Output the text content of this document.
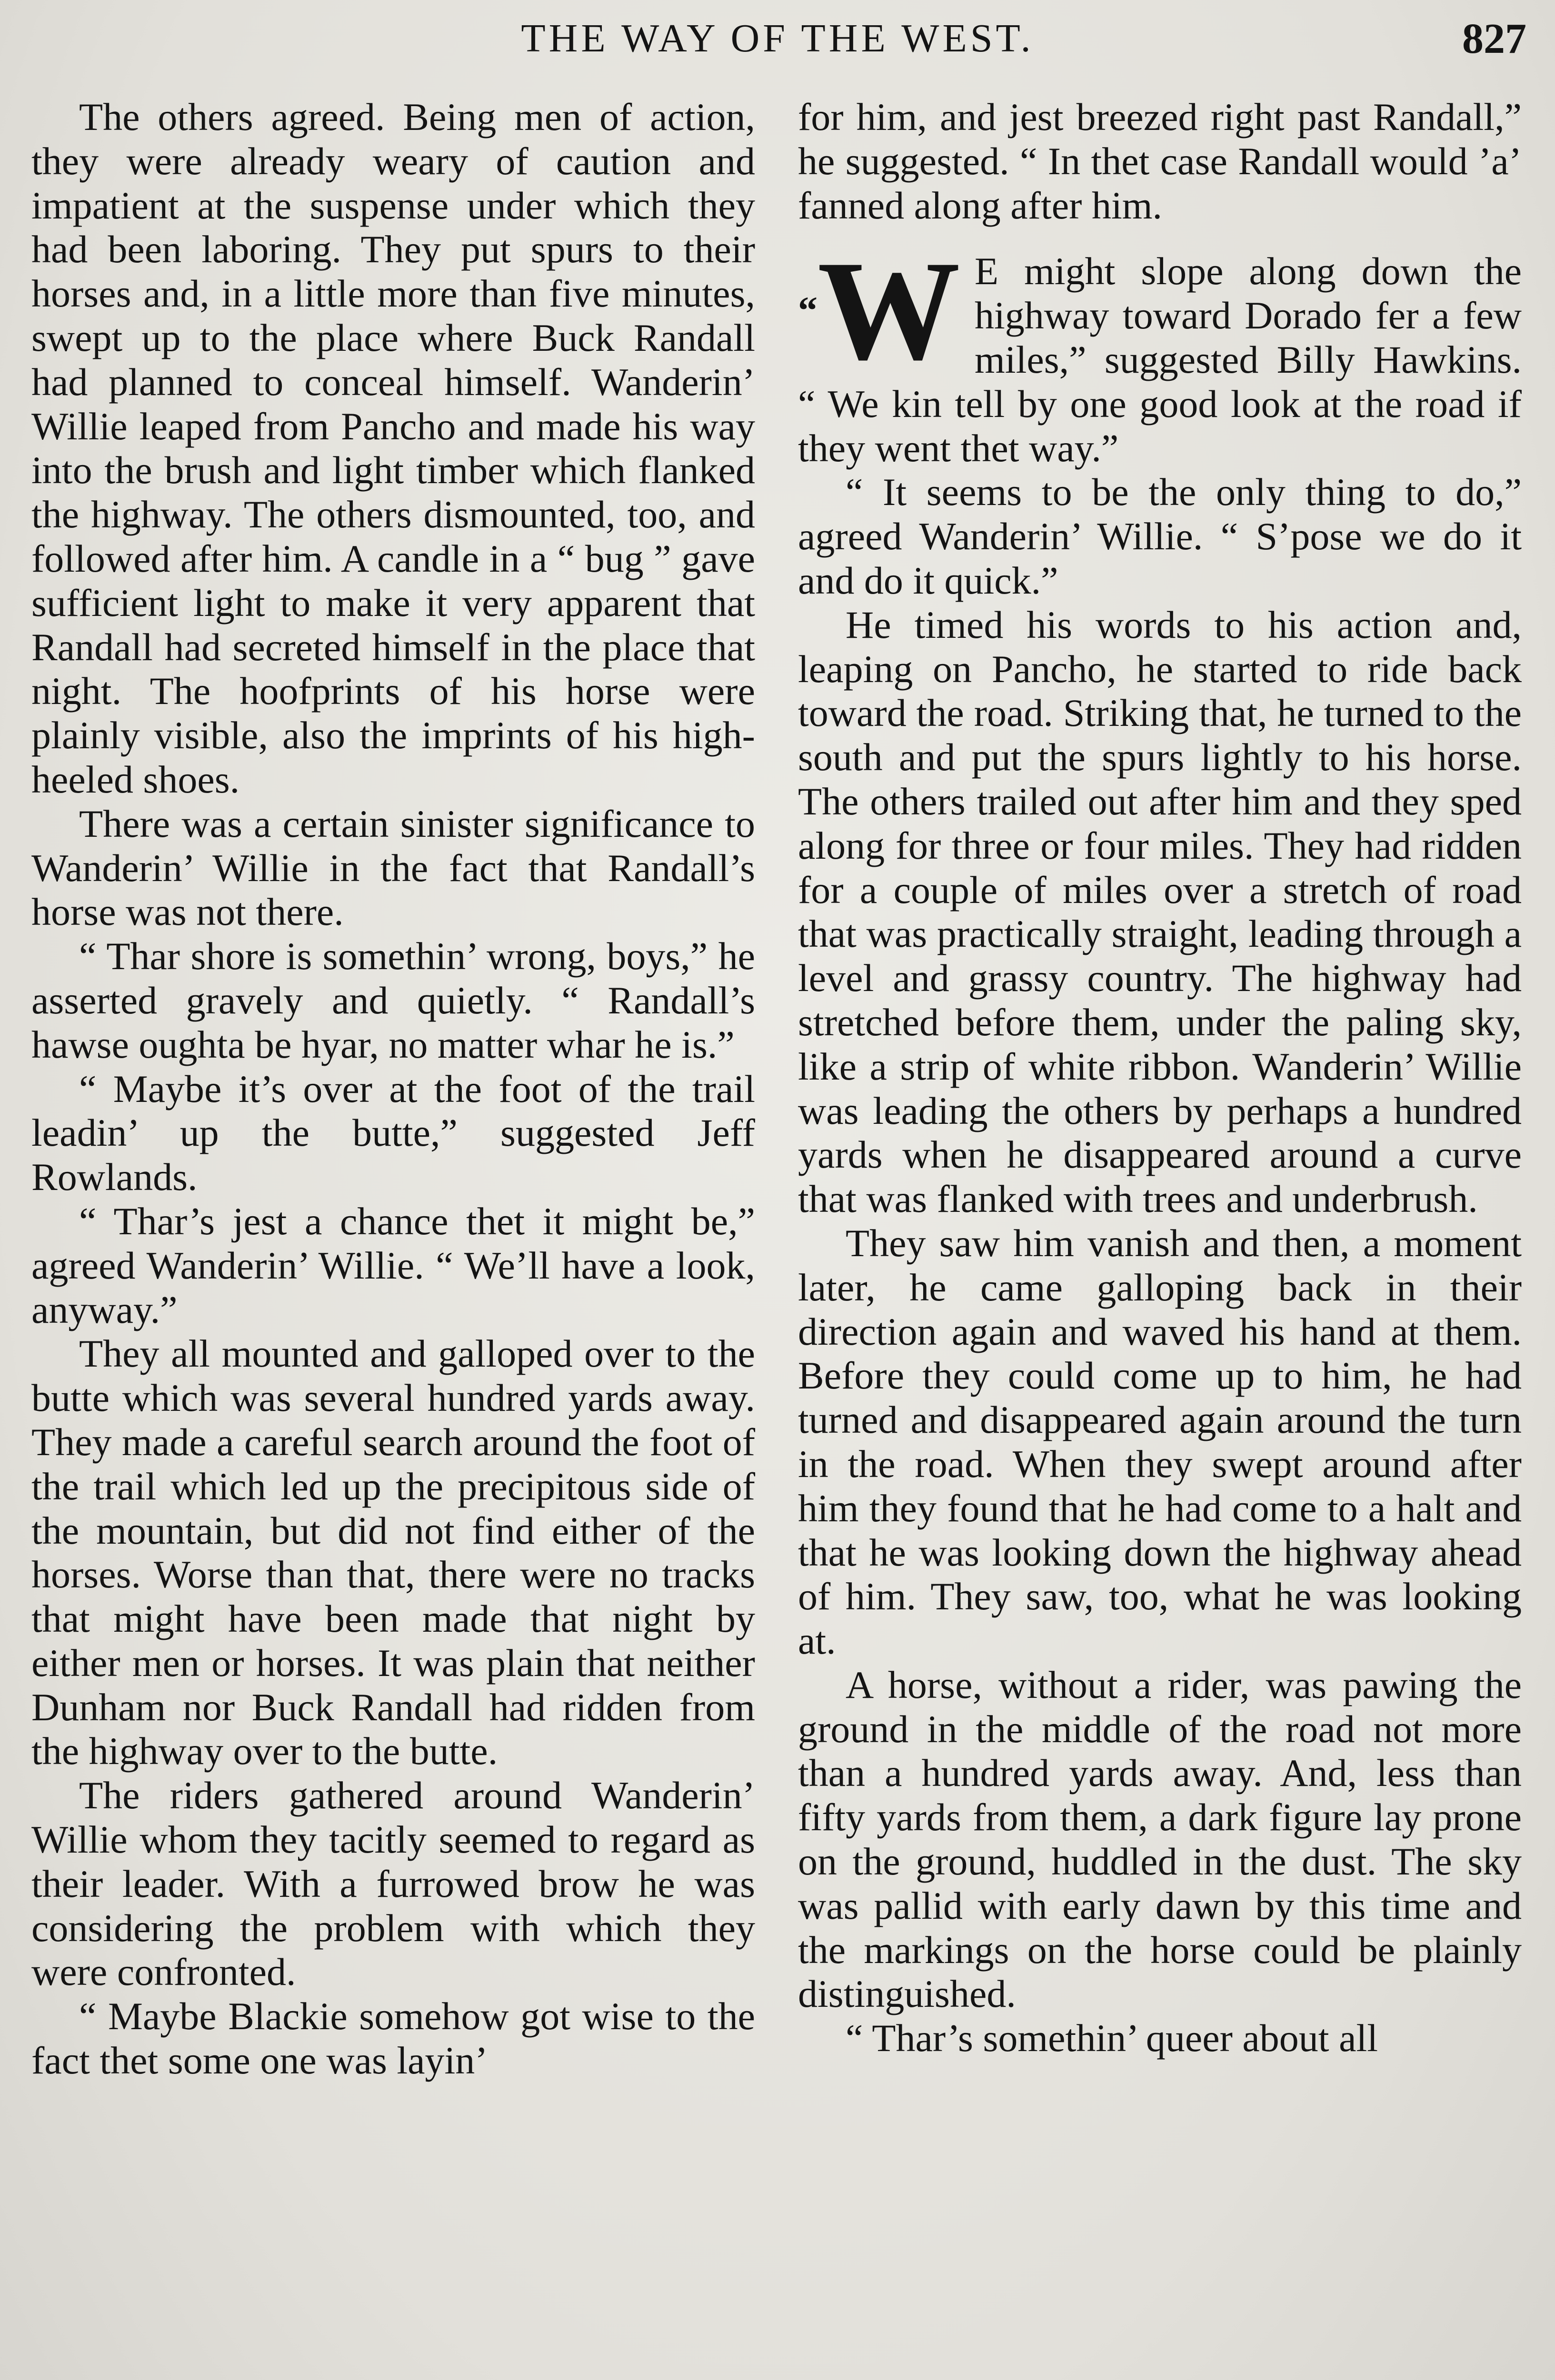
THE WAY OF THE WEST.	827

The others agreed. Being men of action, they were already weary of caution and impatient at the suspense under which they had been laboring. They put spurs to their horses and, in a little more than five minutes, swept up to the place where Buck Randall had planned to conceal himself. Wanderin’ Willie leaped from Pancho and made his way into the brush and light timber which flanked the highway. The others dismounted, too, and followed after him. A candle in a “ bug ” gave sufficient light to make it very apparent that Randall had secreted himself in the place that night. The hoofprints of his horse were plainly visible, also the imprints of his high-heeled shoes.

There was a certain sinister significance to Wanderin’ Willie in the fact that Randall’s horse was not there.

“ Thar shore is somethin’ wrong, boys,” he asserted gravely and quietly. “ Randall’s hawse oughta be hyar, no matter whar he is.”

“ Maybe it’s over at the foot of the trail leadin’ up the butte,” suggested Jeff Rowlands.

“ Thar’s jest a chance thet it might be,” agreed Wanderin’ Willie. “ We’ll have a look, anyway.”

They all mounted and galloped over to the butte which was several hundred yards away. They made a careful search around the foot of the trail which led up the precipitous side of the mountain, but did not find either of the horses. Worse than that, there were no tracks that might have been made that night by either men or horses. It was plain that neither Dunham nor Buck Randall had ridden from the highway over to the butte.

The riders gathered around Wanderin’ Willie whom they tacitly seemed to regard as their leader. With a furrowed brow he was considering the problem with which they were confronted.

“ Maybe Blackie somehow got wise to the fact thet some one was layin’

for him, and jest breezed right past Randall,” he suggested. “ In thet case Randall would ’a’ fanned along after him.

“W E might slope along down the highway toward Dorado fer a few miles,” suggested Billy Hawkins. “ We kin tell by one good look at the road if they went thet way.”

“ It seems to be the only thing to do,” agreed Wanderin’ Willie. “ S’pose we do it and do it quick.”

He timed his words to his action and, leaping on Pancho, he started to ride back toward the road. Striking that, he turned to the south and put the spurs lightly to his horse. The others trailed out after him and they sped along for three or four miles. They had ridden for a couple of miles over a stretch of road that was practically straight, leading through a level and grassy country. The highway had stretched before them, under the paling sky, like a strip of white ribbon. Wanderin’ Willie was leading the others by perhaps a hundred yards when he disappeared around a curve that was flanked with trees and underbrush.

They saw him vanish and then, a moment later, he came galloping back in their direction again and waved his hand at them. Before they could come up to him, he had turned and disappeared again around the turn in the road. When they swept around after him they found that he had come to a halt and that he was looking down the highway ahead of him. They saw, too, what he was looking at.

A horse, without a rider, was pawing the ground in the middle of the road not more than a hundred yards away. And, less than fifty yards from them, a dark figure lay prone on the ground, huddled in the dust. The sky was pallid with early dawn by this time and the markings on the horse could be plainly distinguished.

“ Thar’s somethin’ queer about all
